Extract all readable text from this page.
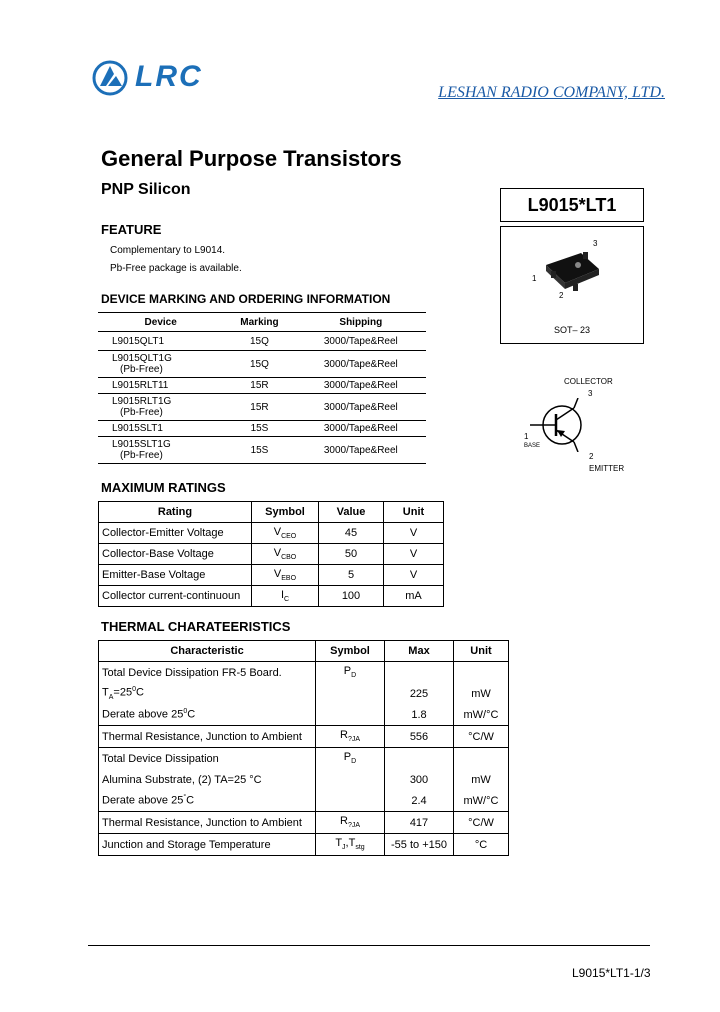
LRC	LESHAN RADIO COMPANY, LTD.
General Purpose Transistors
PNP Silicon
L9015*LT1
3
1
2
SOT– 23
FEATURE
Complementary to L9014.
Pb-Free package is available.
COLLECTOR
3
1
BASE
2
EMITTER
DEVICE MARKING AND ORDERING INFORMATION
Device	Marking	Shipping
L9015QLT1	15Q	3000/Tape&Reel

L9015QLT1G
(Pb-Free)	15Q	3000/Tape&Reel
L9015RLT11	15R	3000/Tape&Reel

L9015RLT1G
(Pb-Free)	15R	3000/Tape&Reel
L9015SLT1	15S	3000/Tape&Reel

L9015SLT1G
(Pb-Free)	15S	3000/Tape&Reel
MAXIMUM RATINGS
Rating	Symbol	Value	Unit
Collector-Emitter Voltage	$V_{CEO}$	45	V
Collector-Base Voltage	$V_{CBO}$	50	V
Emitter-Base Voltage	$V_{EBO}$	5	V
Collector current-continuoun	$I_C$	100	mA
THERMAL CHARATEERISTICS
Characteristic	Symbol	Max	Unit
Total Device Dissipation FR-5 Board.	$P_D$		
$T_A=25^0C$		225	mW
Derate above $25^0C$		1.8	mW/°C
Thermal Resistance, Junction to Ambient	$R_{?JA}$	556	°C/W
Total Device Dissipation	$P_D$		
Alumina Substrate, (2) TA=25 °C		300	mW
Derate above 25°C		2.4	mW/°C
Thermal Resistance, Junction to Ambient	$R_{?JA}$	417	°C/W
Junction and Storage Temperature	$T_J,T_{stg}$	-55 to +150	°C
L9015*LT1-1/3
